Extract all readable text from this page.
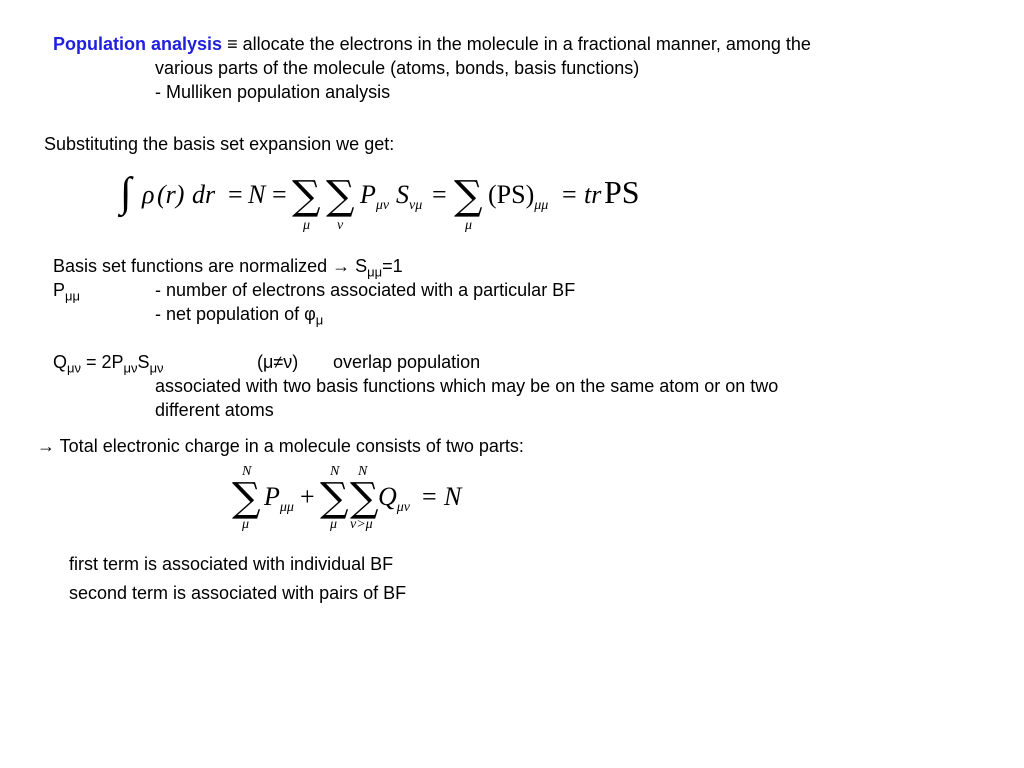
Population analysis ≡ allocate the electrons in the molecule in a fractional manner, among the
various parts of the molecule (atoms, bonds, basis functions)
- Mulliken population analysis
Substituting the basis set expansion we get:
∫ ρ (r) dr = N = ∑
μ
∑
ν
$P_{\mu\nu}$ $S_{\nu\mu}$ = ∑
μ
$(PS)_{\mu\mu}$ = tr PS
Basis set functions are normalized → $S_{\mu\mu}=1$
$P_{\mu\mu}$	- number of electrons associated with a particular BF
- net population of $\varphi_\mu$
$Q_{\mu\nu} = 2P_{\mu\nu}S_{\mu\nu}$	(μ≠ν) overlap population
associated with two basis functions which may be on the same atom or on two
different atoms
→ Total electronic charge in a molecule consists of two parts:
N
∑
μ
$P_{\mu\mu}$ +
N
∑
μ
N
∑
ν>μ
$Q_{\mu\nu} = N$
first term is associated with individual BF
second term is associated with pairs of BF
